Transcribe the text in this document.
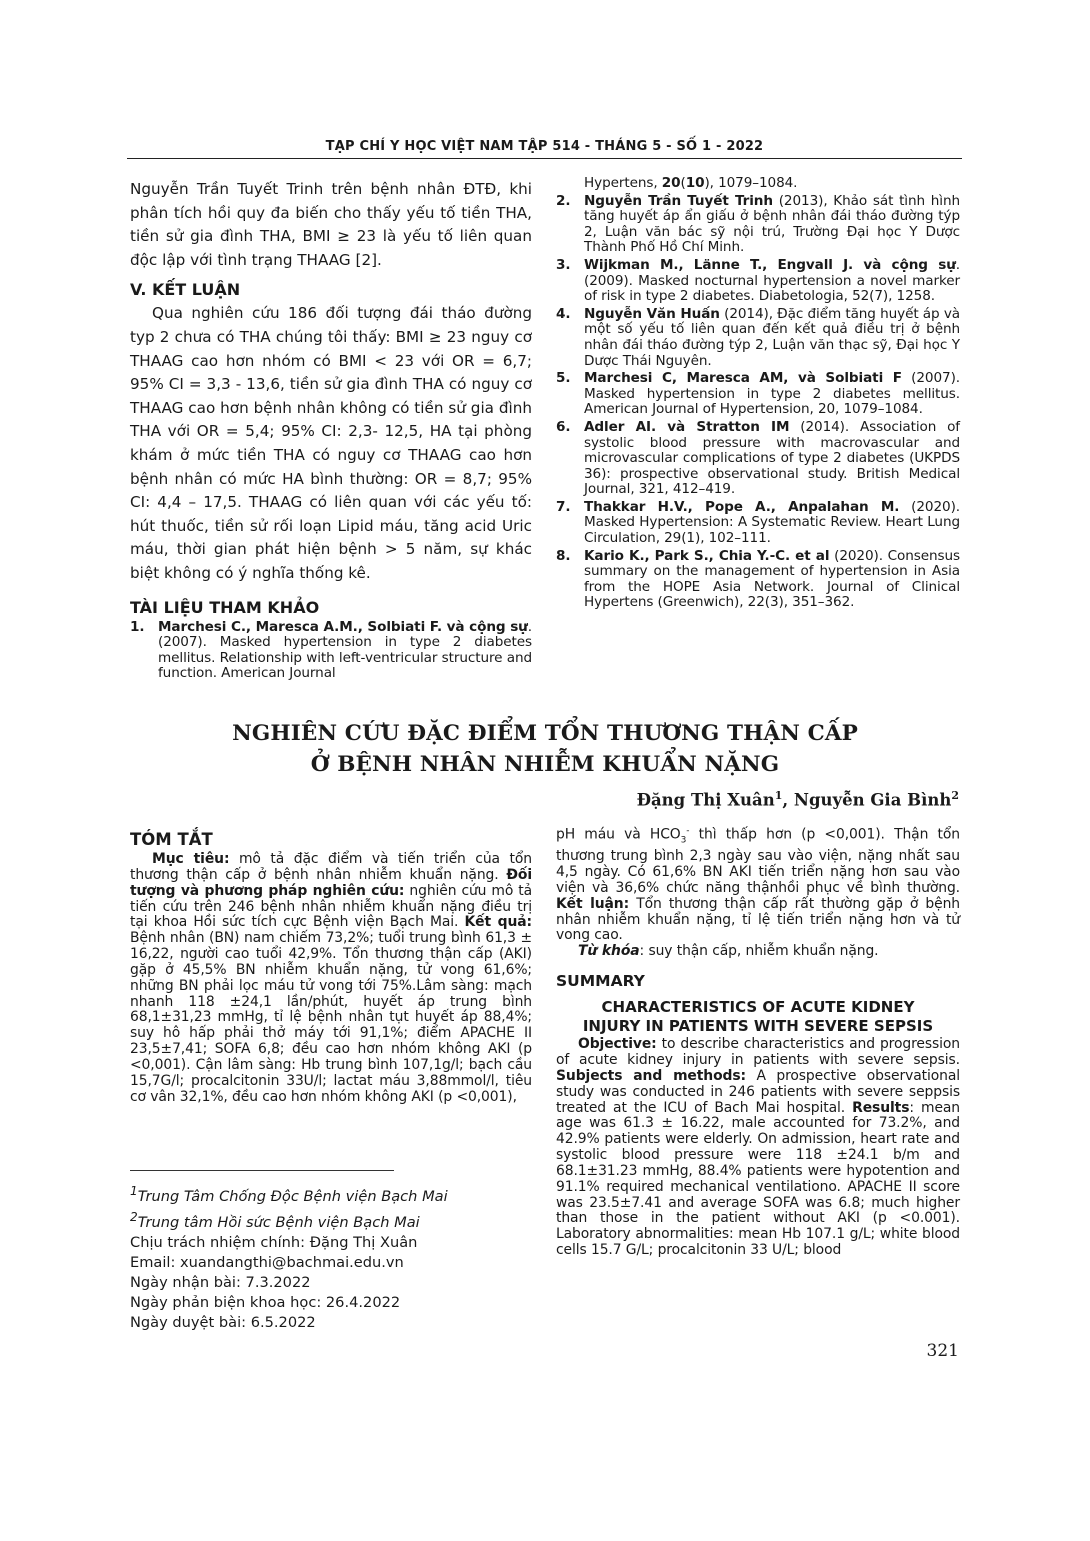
TẠP CHÍ Y HỌC VIỆT NAM TẬP 514 - THÁNG 5 - SỐ 1 - 2022

Nguyễn Trần Tuyết Trinh trên bệnh nhân ĐTĐ, khi phân tích hồi quy đa biến cho thấy yếu tố tiền THA, tiền sử gia đình THA, BMI ≥ 23 là yếu tố liên quan độc lập với tình trạng THAAG [2].

V. KẾT LUẬN

Qua nghiên cứu 186 đối tượng đái tháo đường typ 2 chưa có THA chúng tôi thấy: BMI ≥ 23 nguy cơ THAAG cao hơn nhóm có BMI < 23 với OR = 6,7; 95% CI = 3,3 - 13,6, tiền sử gia đình THA có nguy cơ THAAG cao hơn bệnh nhân không có tiền sử gia đình THA với OR = 5,4; 95% CI: 2,3- 12,5, HA tại phòng khám ở mức tiền THA có nguy cơ THAAG cao hơn bệnh nhân có mức HA bình thường: OR = 8,7; 95% CI: 4,4 – 17,5. THAAG có liên quan với các yếu tố: hút thuốc, tiền sử rối loạn Lipid máu, tăng acid Uric máu, thời gian phát hiện bệnh > 5 năm, sự khác biệt không có ý nghĩa thống kê.

TÀI LIỆU THAM KHẢO
1. Marchesi C., Maresca A.M., Solbiati F. và cộng sự. (2007). Masked hypertension in type 2 diabetes mellitus. Relationship with left-ventricular structure and function. American Journal
Hypertens, 20(10), 1079–1084.
2. Nguyễn Trần Tuyết Trinh (2013), Khảo sát tình hình tăng huyết áp ẩn giấu ở bệnh nhân đái tháo đường týp 2, Luận văn bác sỹ nội trú, Trường Đại học Y Dược Thành Phố Hồ Chí Minh.
3. Wijkman M., Länne T., Engvall J. và cộng sự. (2009). Masked nocturnal hypertension a novel marker of risk in type 2 diabetes. Diabetologia, 52(7), 1258.
4. Nguyễn Văn Huấn (2014), Đặc điểm tăng huyết áp và một số yếu tố liên quan đến kết quả điều trị ở bệnh nhân đái tháo đường týp 2, Luận văn thạc sỹ, Đại học Y Dược Thái Nguyên.
5. Marchesi C, Maresca AM, và Solbiati F (2007). Masked hypertension in type 2 diabetes mellitus. American Journal of Hypertension, 20, 1079–1084.
6. Adler AI. và Stratton IM (2014). Association of systolic blood pressure with macrovascular and microvascular complications of type 2 diabetes (UKPDS 36): prospective observational study. British Medical Journal, 321, 412–419.
7. Thakkar H.V., Pope A., Anpalahan M. (2020). Masked Hypertension: A Systematic Review. Heart Lung Circulation, 29(1), 102–111.
8. Kario K., Park S., Chia Y.-C. et al (2020). Consensus summary on the management of hypertension in Asia from the HOPE Asia Network. Journal of Clinical Hypertens (Greenwich), 22(3), 351–362.
NGHIÊN CỨU ĐẶC ĐIỂM TỔN THƯƠNG THẬN CẤP
Ở BỆNH NHÂN NHIỄM KHUẨN NẶNG
Đặng Thị Xuân$^1$, Nguyễn Gia Bình$^2$
TÓM TẮT

Mục tiêu: mô tả đặc điểm và tiến triển của tổn thương thận cấp ở bệnh nhân nhiễm khuẩn nặng. Đối tượng và phương pháp nghiên cứu: nghiên cứu mô tả tiến cứu trên 246 bệnh nhân nhiễm khuẩn nặng điều trị tại khoa Hồi sức tích cực Bệnh viện Bạch Mai. Kết quả: Bệnh nhân (BN) nam chiếm 73,2%; tuổi trung bình 61,3 ± 16,22, người cao tuổi 42,9%. Tổn thương thận cấp (AKI) gặp ở 45,5% BN nhiễm khuẩn nặng, tử vong 61,6%; những BN phải lọc máu tử vong tới 75%.Lâm sàng: mạch nhanh 118 ±24,1 lần/phút, huyết áp trung bình 68,1±31,23 mmHg, tỉ lệ bệnh nhân tụt huyết áp 88,4%; suy hô hấp phải thở máy tới 91,1%; điểm APACHE II 23,5±7,41; SOFA 6,8; đều cao hơn nhóm không AKI (p <0,001). Cận lâm sàng: Hb trung bình 107,1g/l; bạch cầu 15,7G/l; procalcitonin 33U/l; lactat máu 3,88mmol/l, tiêu cơ vân 32,1%, đều cao hơn nhóm không AKI (p <0,001),

$^1$Trung Tâm Chống Độc Bệnh viện Bạch Mai
$^2$Trung tâm Hồi sức Bệnh viện Bạch Mai
Chịu trách nhiệm chính: Đặng Thị Xuân
Email: xuandangthi@bachmai.edu.vn
Ngày nhận bài: 7.3.2022
Ngày phản biện khoa học: 26.4.2022
Ngày duyệt bài: 6.5.2022

pH máu và $HCO_3^-$ thì thấp hơn (p <0,001). Thận tổn thương trung bình 2,3 ngày sau vào viện, nặng nhất sau 4,5 ngày. Có 61,6% BN AKI tiến triển nặng hơn sau vào viện và 36,6% chức năng thậnhồi phục về bình thường. Kết luận: Tổn thương thận cấp rất thường gặp ở bệnh nhân nhiễm khuẩn nặng, tỉ lệ tiến triển nặng hơn và tử vong cao.

Từ khóa: suy thận cấp, nhiễm khuẩn nặng.

SUMMARY
CHARACTERISTICS OF ACUTE KIDNEY
INJURY IN PATIENTS WITH SEVERE SEPSIS

Objective: to describe characteristics and progression of acute kidney injury in patients with severe sepsis. Subjects and methods: A prospective observational study was conducted in 246 patients with severe seppsis treated at the ICU of Bach Mai hospital. Results: mean age was 61.3 ± 16.22, male accounted for 73.2%, and 42.9% patients were elderly. On admission, heart rate and systolic blood pressure were 118 ±24.1 b/m and 68.1±31.23 mmHg, 88.4% patients were hypotention and 91.1% required mechanical ventilationo. APACHE II score was 23.5±7.41 and average SOFA was 6.8; much higher than those in the patient without AKI (p <0.001). Laboratory abnormalities: mean Hb 107.1 g/L; white blood cells 15.7 G/L; procalcitonin 33 U/L; blood

321
